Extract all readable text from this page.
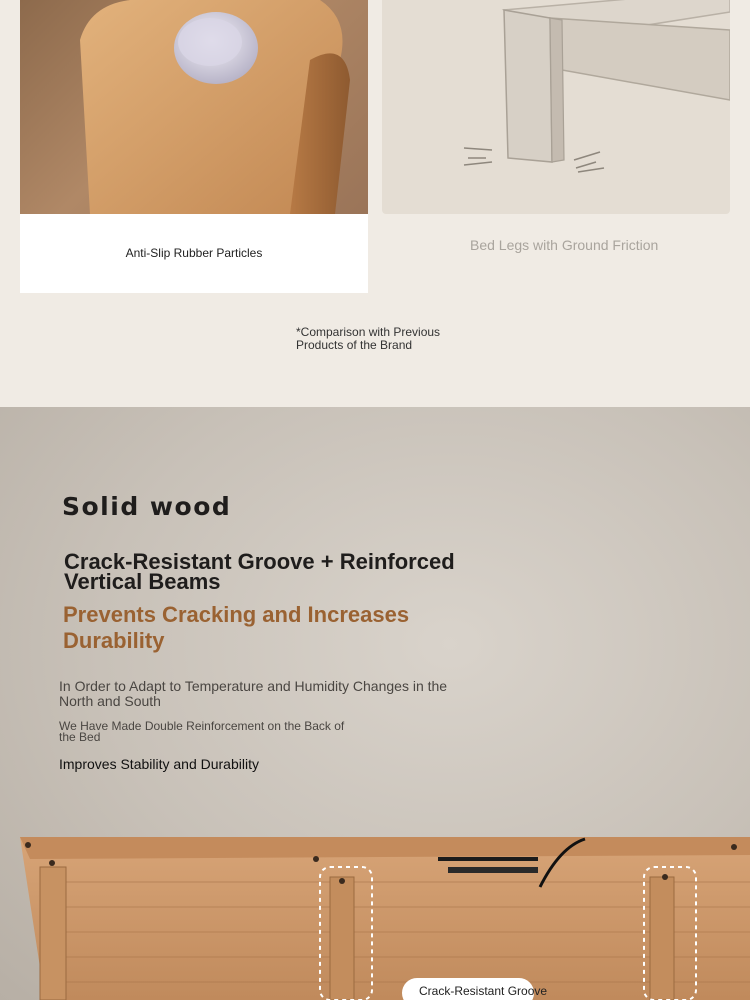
Anti-Slip Rubber Particles	Bed Legs with Ground Friction
*Comparison with Previous Products of the Brand
Solid wood
Crack-Resistant Groove + Reinforced Vertical Beams
Prevents Cracking and Increases Durability
In Order to Adapt to Temperature and Humidity Changes in the North and South
We Have Made Double Reinforcement on the Back of the Bed
Improves Stability and Durability
Crack-Resistant Groove
